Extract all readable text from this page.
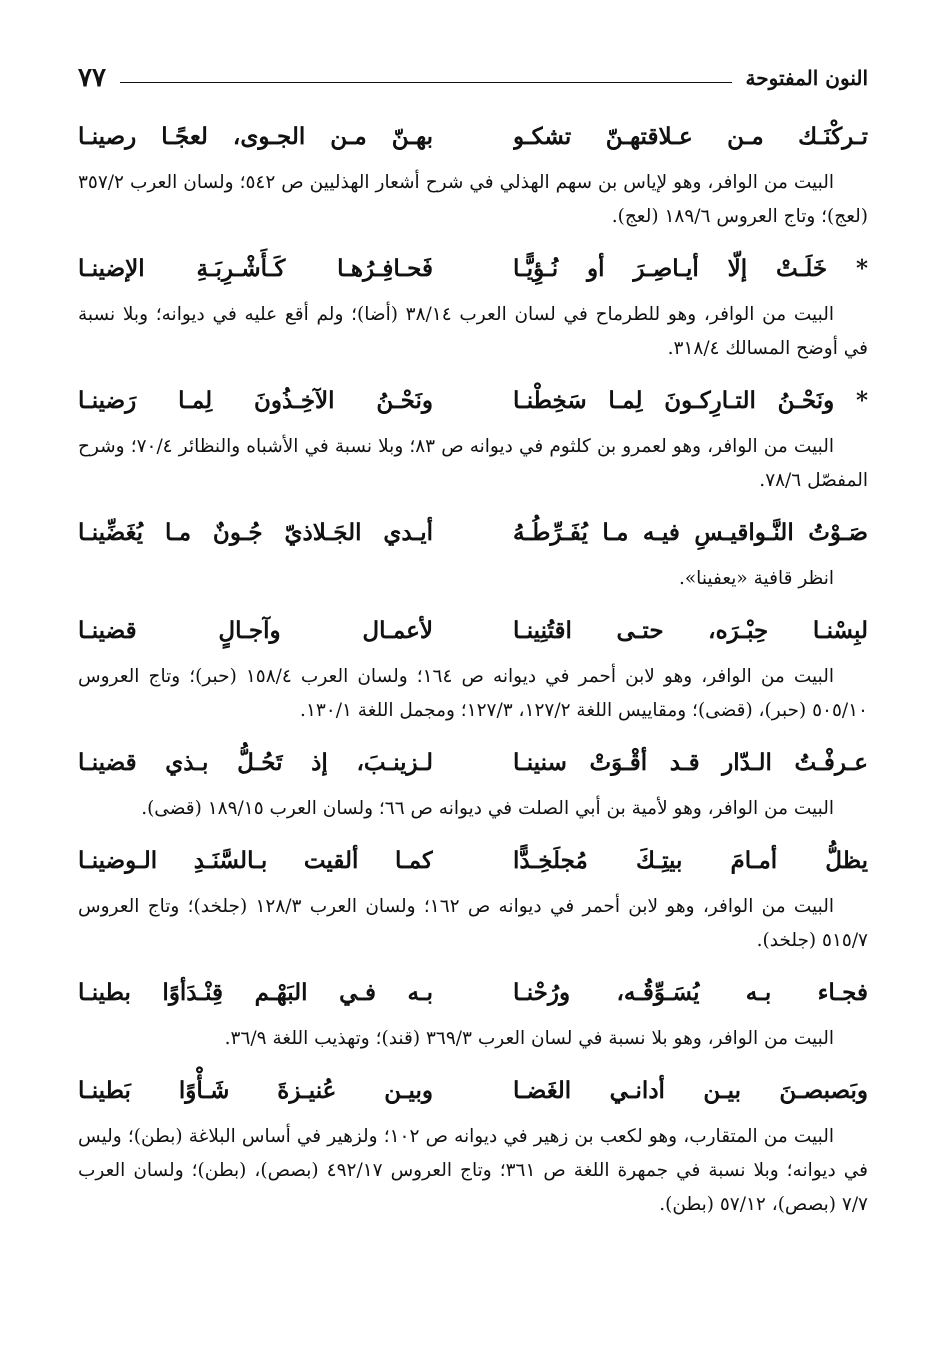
النون المفتوحة
٧٧
تـركْنَـك مـن عـلاقتهـنّ تشكـو
بهـنّ مـن الجـوى، لعجًـا رصينـا
البيت من الوافر، وهو لإياس بن سهم الهذلي في شرح أشعار الهذليين ص ٥٤٢؛ ولسان العرب ٣٥٧/٢ (لعج)؛ وتاج العروس ١٨٩/٦ (لعج).
* خَلَـتْ إلّا أيـاصِـرَ أو نُـؤِيًّـا
فَحـافِـرُهـا كَـأَشْـرِبَـةِ الإضينـا
البيت من الوافر، وهو للطرماح في لسان العرب ٣٨/١٤ (أضا)؛ ولم أقع عليه في ديوانه؛ وبلا نسبة في أوضح المسالك ٣١٨/٤.
* ونَحْـنُ التـارِكـونَ لِمـا سَخِطْنـا
ونَحْـنُ الآخِـذُونَ لِمـا رَضينـا
البيت من الوافر، وهو لعمرو بن كلثوم في ديوانه ص ٨٣؛ وبلا نسبة في الأشباه والنظائر ٧٠/٤؛ وشرح المفصّل ٧٨/٦.
صَـوْتُ النَّـواقيـسِ فيـه مـا يُفَـرِّطُـهُ
أيـدي الجَـلاذيّ جُـونٌ مـا يُغَضِّينـا
انظر قافية «يعفينا».
لبِسْنـا حِبْـرَه، حتـى اقتُنِينـا
لأعمـال وآجـالٍ قضينـا
البيت من الوافر، وهو لابن أحمر في ديوانه ص ١٦٤؛ ولسان العرب ١٥٨/٤ (حبر)؛ وتاج العروس ٥٠٥/١٠ (حبر)، (قضى)؛ ومقاييس اللغة ١٢٧/٢، ١٢٧/٣؛ ومجمل اللغة ١٣٠/١.
عـرفْـتُ الـدّار قـد أقْـوَتْ سنينـا
لـزينـبَ، إذ تَحُـلُّ بـذي قضينـا
البيت من الوافر، وهو لأمية بن أبي الصلت في ديوانه ص ٦٦؛ ولسان العرب ١٨٩/١٥ (قضى).
يظلُّ أمـامَ بيتِـكَ مُجلَخِـدًّا
كمـا ألقيت بـالسَّنَـدِ الـوضينـا
البيت من الوافر، وهو لابن أحمر في ديوانه ص ١٦٢؛ ولسان العرب ١٢٨/٣ (جلخد)؛ وتاج العروس ٥١٥/٧ (جلخد).
فجـاء بـه يُسَـوِّقُـه، ورُحْنـا
بـه فـي البَهْـم قِنْـدَأوًا بطينـا
البيت من الوافر، وهو بلا نسبة في لسان العرب ٣٦٩/٣ (قند)؛ وتهذيب اللغة ٣٦/٩.
وبَصبصـنَ بيـن أدانـي الغَضـا
وبيـن عُنيـزةَ شَـأْوًا بَطينـا
البيت من المتقارب، وهو لكعب بن زهير في ديوانه ص ١٠٢؛ ولزهير في أساس البلاغة (بطن)؛ وليس في ديوانه؛ وبلا نسبة في جمهرة اللغة ص ٣٦١؛ وتاج العروس ٤٩٢/١٧ (بصص)، (بطن)؛ ولسان العرب ٧/٧ (بصص)، ٥٧/١٢ (بطن).
